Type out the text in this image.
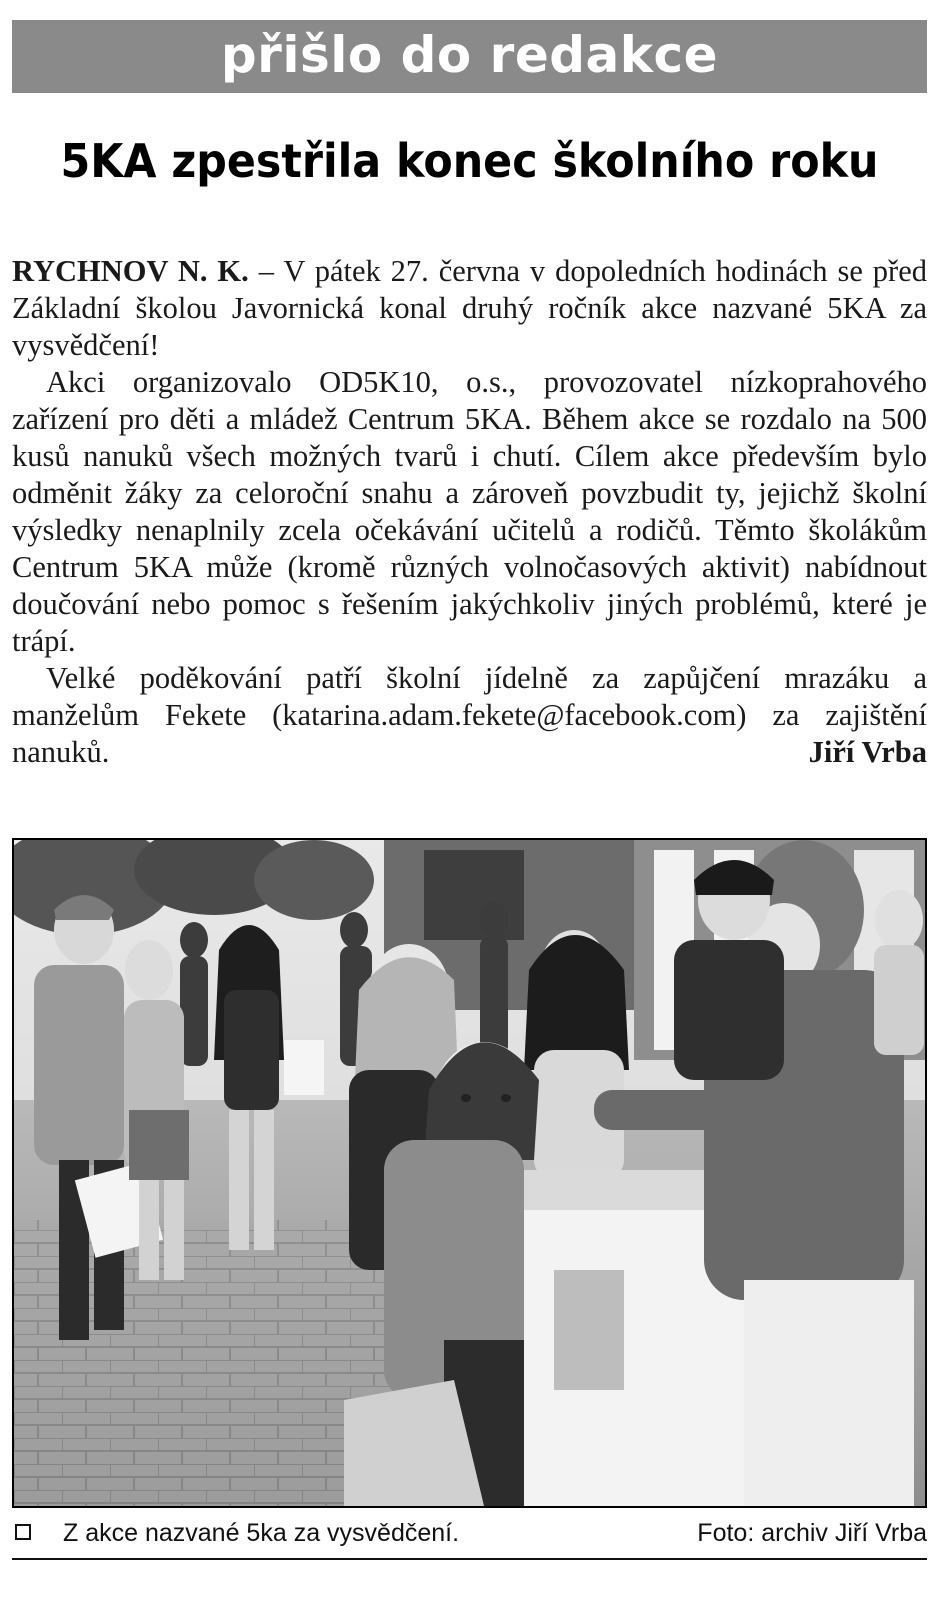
přišlo do redakce
5KA zpestřila konec školního roku

RYCHNOV N. K. – V pátek 27. června v dopoledních hodinách se před Základní školou Javornická konal druhý ročník akce nazvané 5KA za vysvědčení!

Akci organizovalo OD5K10, o.s., provozovatel nízkoprahového zařízení pro děti a mládež Centrum 5KA. Během akce se rozdalo na 500 kusů nanuků všech možných tvarů i chutí. Cílem akce především bylo odměnit žáky za celoroční snahu a zároveň povzbudit ty, jejichž školní výsledky nenaplnily zcela očekávání učitelů a rodičů. Těmto školákům Centrum 5KA může (kromě různých volnočasových aktivit) nabídnout doučování nebo pomoc s řešením jakýchkoliv jiných problémů, které je trápí.

Velké poděkování patří školní jídelně za zapůjčení mrazáku a manželům Fekete (katarina.adam.fekete@facebook.com) za zajištění nanuků.	Jiří Vrba

Z akce nazvané 5ka za vysvědčení.	Foto: archiv Jiří Vrba
